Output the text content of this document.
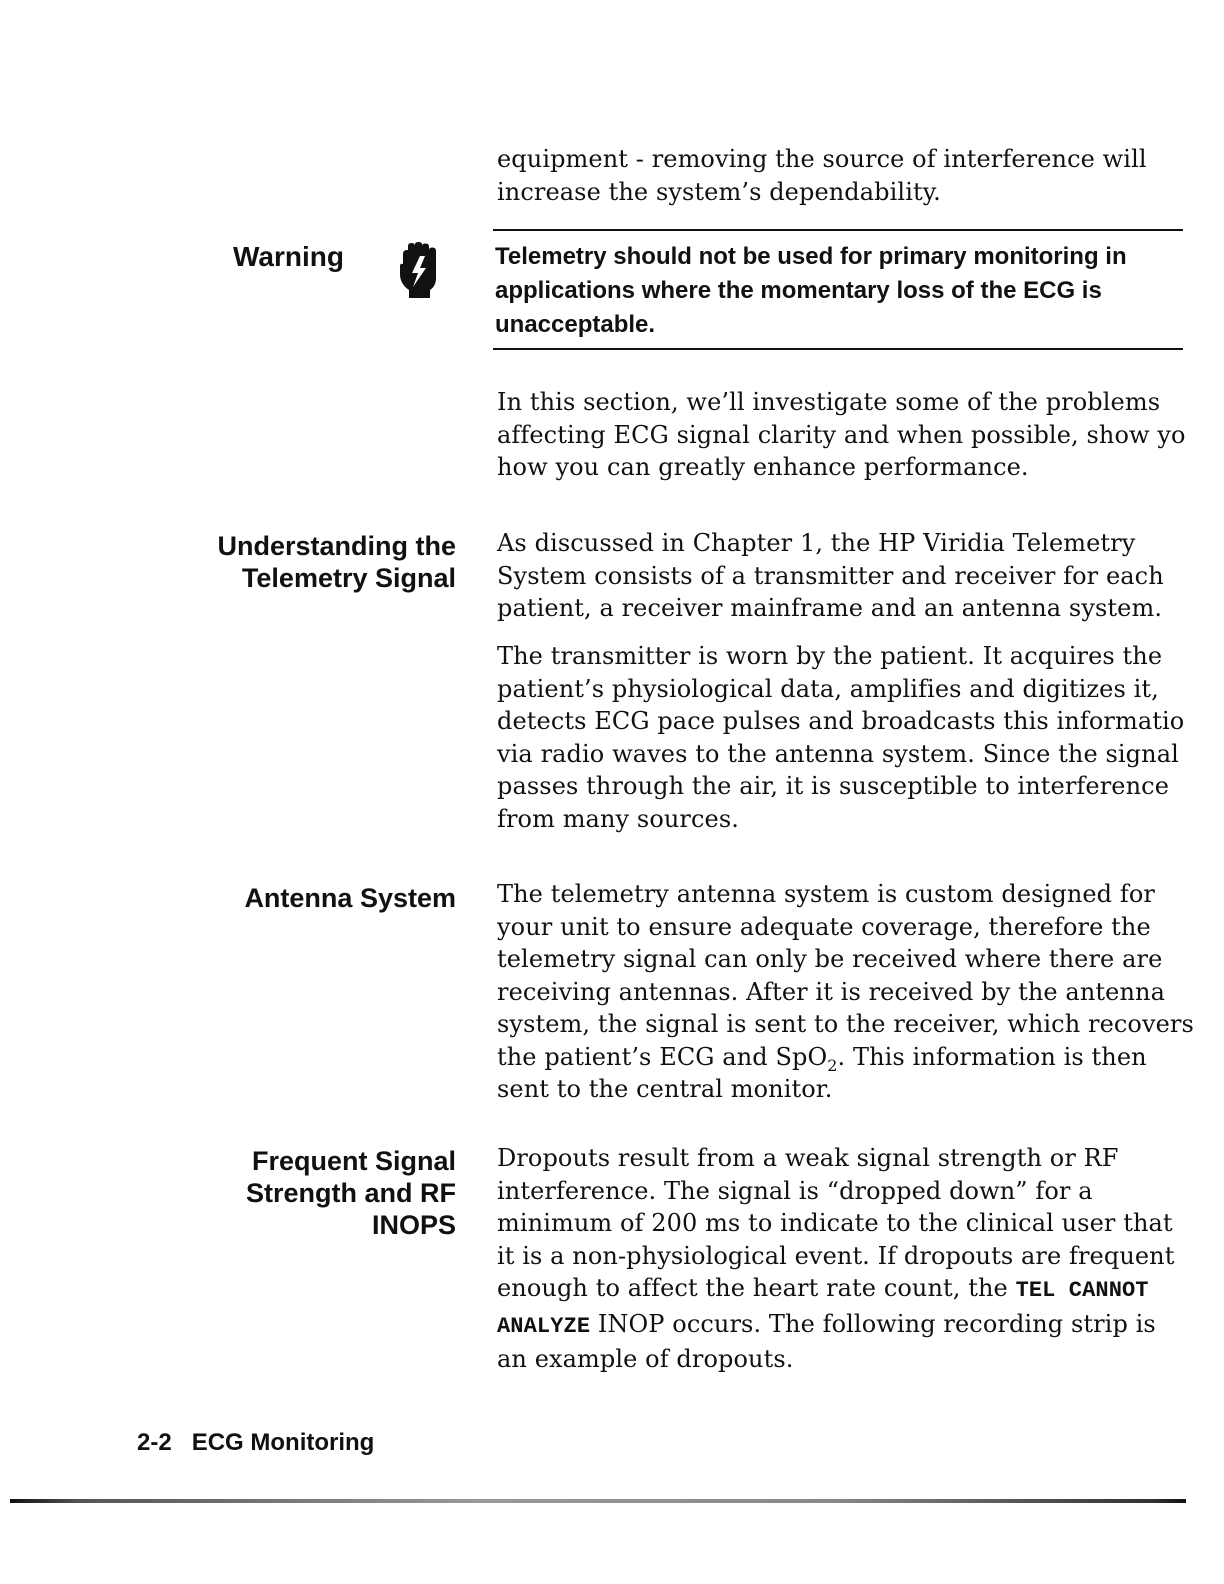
equipment - removing the source of interference will
increase the system’s dependability.

Warning	Telemetry should not be used for primary monitoring in
applications where the momentary loss of the ECG is
unacceptable.
In this section, we’ll investigate some of the problems
affecting ECG signal clarity and when possible, show yo
how you can greatly enhance performance.
Understanding the
Telemetry Signal
As discussed in Chapter 1, the HP Viridia Telemetry
System consists of a transmitter and receiver for each
patient, a receiver mainframe and an antenna system.
The transmitter is worn by the patient. It acquires the
patient’s physiological data, amplifies and digitizes it,
detects ECG pace pulses and broadcasts this informatio
via radio waves to the antenna system. Since the signal
passes through the air, it is susceptible to interference
from many sources.
Antenna System The telemetry antenna system is custom designed for
your unit to ensure adequate coverage, therefore the
telemetry signal can only be received where there are
receiving antennas. After it is received by the antenna
system, the signal is sent to the receiver, which recovers
the patient’s ECG and SpO$_2$. This information is then
sent to the central monitor.
Frequent Signal
Strength and RF
INOPS
Dropouts result from a weak signal strength or RF
interference. The signal is “dropped down” for a
minimum of 200 ms to indicate to the clinical user that
it is a non-physiological event. If dropouts are frequent
enough to affect the heart rate count, the TEL CANNOT
ANALYZE INOP occurs. The following recording strip is
an example of dropouts.
2-2 ECG Monitoring
